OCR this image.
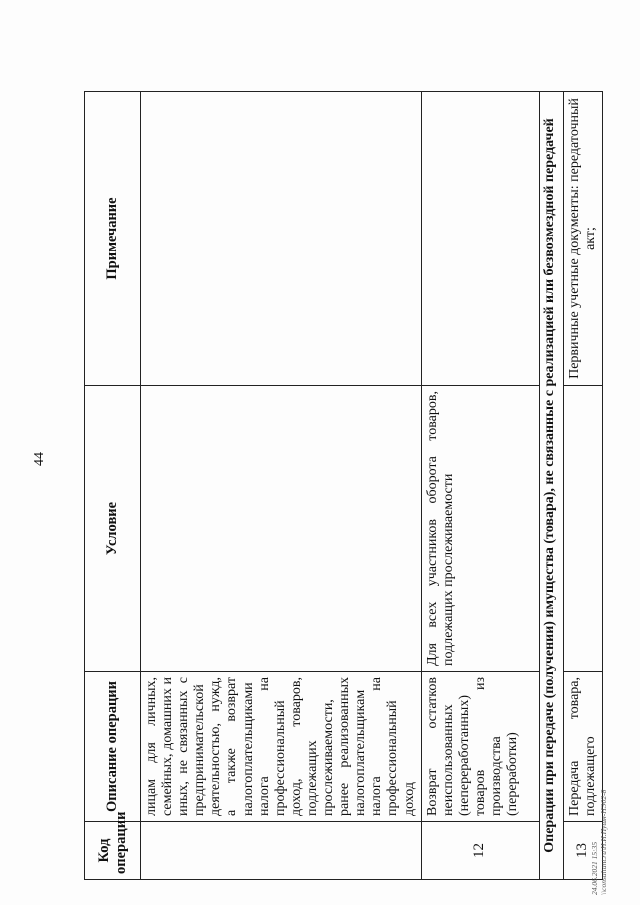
44
Код операции	Описание операции	Условие	Примечание
	лицам для личных, семейных, домашних и иных, не связанных с предпринимательской деятельностью, нужд, а также возврат налогоплательщиками налога на профессиональный доход, товаров, подлежащих прослеживаемости, ранее реализованных налогоплательщикам налога на профессиональный доход		
12	Возврат остатков неиспользованных (непереработанных) товаров из производства (переработки)	Для всех участников оборота товаров, подлежащих прослеживаемости	
Операции при передаче (получении) имущества (товара), не связанные с реализацией или безвозмездной передачей			
13	Передача товара, подлежащего		Первичные учетные документы: передаточный акт;
24.06.2021 15:35 \\consultant.ru\Н.И.Пушн-НЭ02-8
